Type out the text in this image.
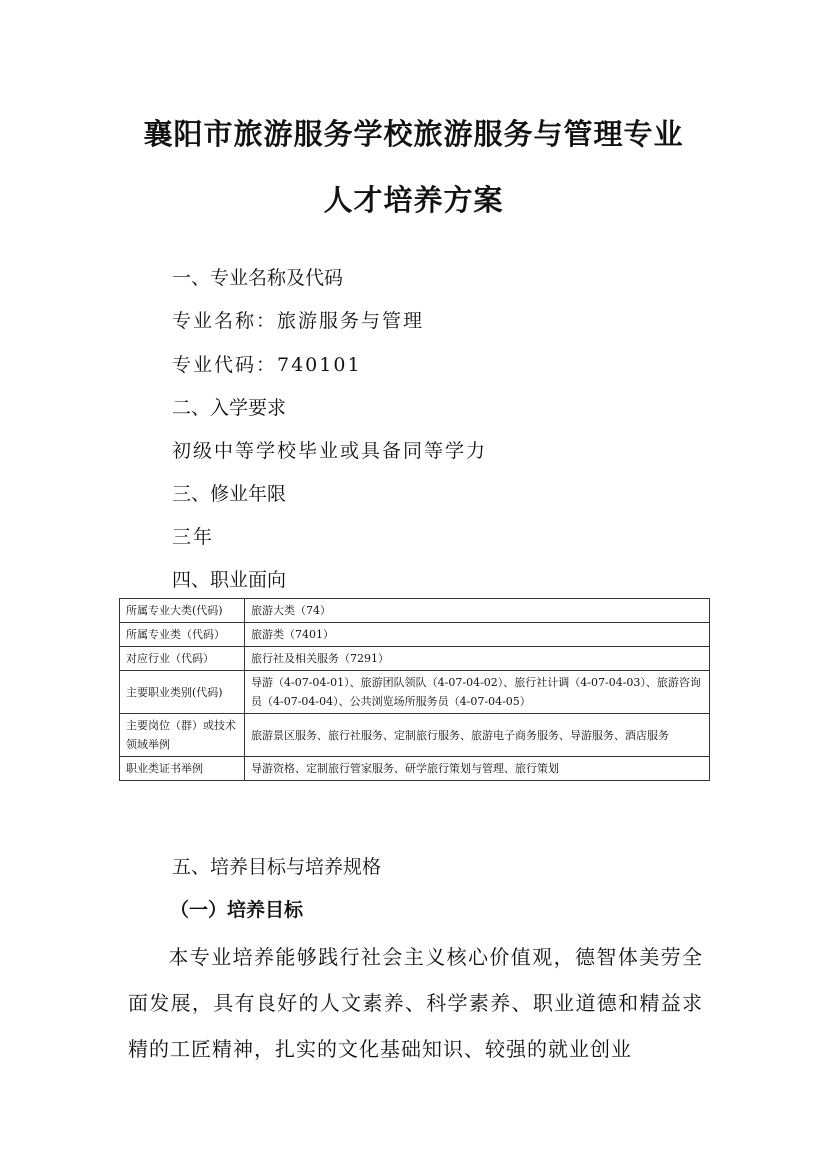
襄阳市旅游服务学校旅游服务与管理专业
人才培养方案
一、专业名称及代码

专业名称：旅游服务与管理

专业代码：740101

二、入学要求

初级中等学校毕业或具备同等学力

三、修业年限

三年

四、职业面向
所属专业大类(代码)	旅游大类（74）
所属专业类（代码）	旅游类（7401）
对应行业（代码）	旅行社及相关服务（7291）
主要职业类别(代码)	导游（4-07-04-01）、旅游团队领队（4-07-04-02）、旅行社计调（4-07-04-03）、旅游咨询员（4-07-04-04）、公共浏览场所服务员（4-07-04-05）
主要岗位（群）或技术领域举例	旅游景区服务、旅行社服务、定制旅行服务、旅游电子商务服务、导游服务、酒店服务
职业类证书举例	导游资格、定制旅行管家服务、研学旅行策划与管理、旅行策划
五、培养目标与培养规格
（一）培养目标

本专业培养能够践行社会主义核心价值观，德智体美劳全面发展，具有良好的人文素养、科学素养、职业道德和精益求精的工匠精神，扎实的文化基础知识、较强的就业创业
